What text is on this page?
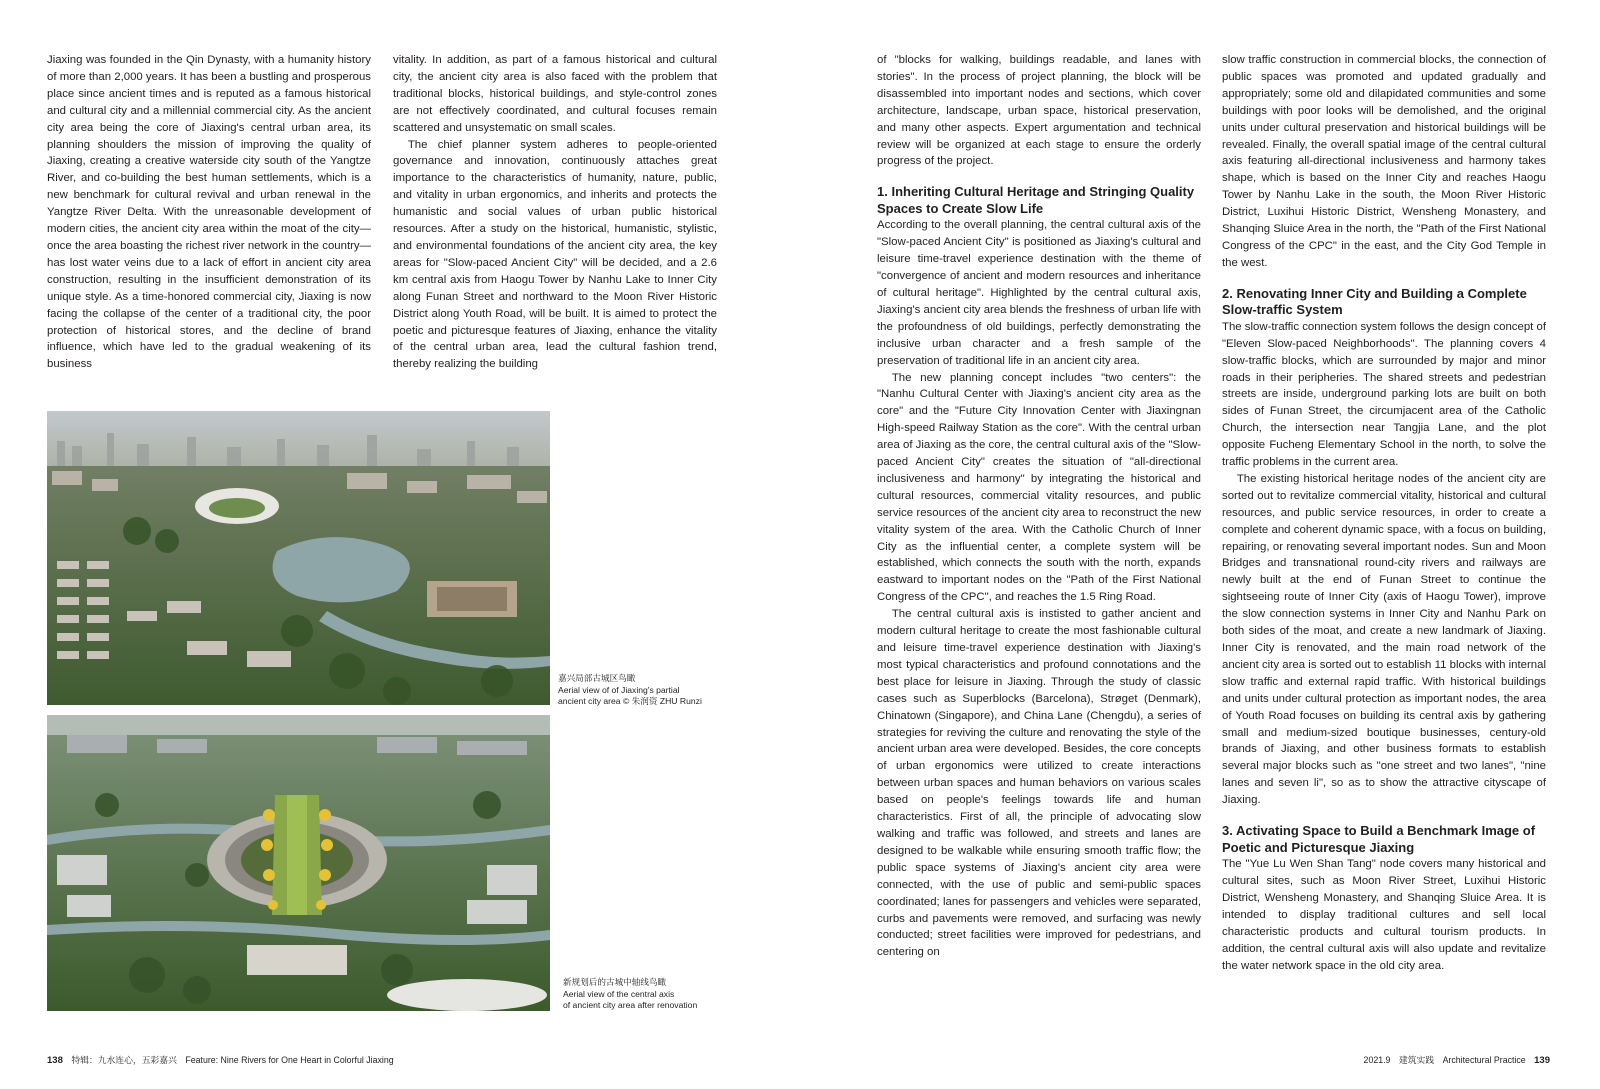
Jiaxing was founded in the Qin Dynasty, with a humanity history of more than 2,000 years. It has been a bustling and prosperous place since ancient times and is reputed as a famous historical and cultural city and a millennial commercial city. As the ancient city area being the core of Jiaxing's central urban area, its planning shoulders the mission of improving the quality of Jiaxing, creating a creative waterside city south of the Yangtze River, and co-building the best human settlements, which is a new benchmark for cultural revival and urban renewal in the Yangtze River Delta. With the unreasonable development of modern cities, the ancient city area within the moat of the city—once the area boasting the richest river network in the country—has lost water veins due to a lack of effort in ancient city area construction, resulting in the insufficient demonstration of its unique style. As a time-honored commercial city, Jiaxing is now facing the collapse of the center of a traditional city, the poor protection of historical stores, and the decline of brand influence, which have led to the gradual weakening of its business

vitality. In addition, as part of a famous historical and cultural city, the ancient city area is also faced with the problem that traditional blocks, historical buildings, and style-control zones are not effectively coordinated, and cultural focuses remain scattered and unsystematic on small scales.

The chief planner system adheres to people-oriented governance and innovation, continuously attaches great importance to the characteristics of humanity, nature, public, and vitality in urban ergonomics, and inherits and protects the humanistic and social values of urban public historical resources. After a study on the historical, humanistic, stylistic, and environmental foundations of the ancient city area, the key areas for "Slow-paced Ancient City" will be decided, and a 2.6 km central axis from Haogu Tower by Nanhu Lake to Inner City along Funan Street and northward to the Moon River Historic District along Youth Road, will be built. It is aimed to protect the poetic and picturesque features of Jiaxing, enhance the vitality of the central urban area, lead the cultural fashion trend, thereby realizing the building

of "blocks for walking, buildings readable, and lanes with stories". In the process of project planning, the block will be disassembled into important nodes and sections, which cover architecture, landscape, urban space, historical preservation, and many other aspects. Expert argumentation and technical review will be organized at each stage to ensure the orderly progress of the project.

1. Inheriting Cultural Heritage and Stringing Quality Spaces to Create Slow Life

According to the overall planning, the central cultural axis of the "Slow-paced Ancient City" is positioned as Jiaxing's cultural and leisure time-travel experience destination with the theme of "convergence of ancient and modern resources and inheritance of cultural heritage". Highlighted by the central cultural axis, Jiaxing's ancient city area blends the freshness of urban life with the profoundness of old buildings, perfectly demonstrating the inclusive urban character and a fresh sample of the preservation of traditional life in an ancient city area.

The new planning concept includes "two centers": the "Nanhu Cultural Center with Jiaxing's ancient city area as the core" and the "Future City Innovation Center with Jiaxingnan High-speed Railway Station as the core". With the central urban area of Jiaxing as the core, the central cultural axis of the "Slow-paced Ancient City" creates the situation of "all-directional inclusiveness and harmony" by integrating the historical and cultural resources, commercial vitality resources, and public service resources of the ancient city area to reconstruct the new vitality system of the area. With the Catholic Church of Inner City as the influential center, a complete system will be established, which connects the south with the north, expands eastward to important nodes on the "Path of the First National Congress of the CPC", and reaches the 1.5 Ring Road.

The central cultural axis is instisted to gather ancient and modern cultural heritage to create the most fashionable cultural and leisure time-travel experience destination with Jiaxing's most typical characteristics and profound connotations and the best place for leisure in Jiaxing. Through the study of classic cases such as Superblocks (Barcelona), Strøget (Denmark), Chinatown (Singapore), and China Lane (Chengdu), a series of strategies for reviving the culture and renovating the style of the ancient urban area were developed. Besides, the core concepts of urban ergonomics were utilized to create interactions between urban spaces and human behaviors on various scales based on people's feelings towards life and human characteristics. First of all, the principle of advocating slow walking and traffic was followed, and streets and lanes are designed to be walkable while ensuring smooth traffic flow; the public space systems of Jiaxing's ancient city area were connected, with the use of public and semi-public spaces coordinated; lanes for passengers and vehicles were separated, curbs and pavements were removed, and surfacing was newly conducted; street facilities were improved for pedestrians, and centering on

slow traffic construction in commercial blocks, the connection of public spaces was promoted and updated gradually and appropriately; some old and dilapidated communities and some buildings with poor looks will be demolished, and the original units under cultural preservation and historical buildings will be revealed. Finally, the overall spatial image of the central cultural axis featuring all-directional inclusiveness and harmony takes shape, which is based on the Inner City and reaches Haogu Tower by Nanhu Lake in the south, the Moon River Historic District, Luxihui Historic District, Wensheng Monastery, and Shanqing Sluice Area in the north, the "Path of the First National Congress of the CPC" in the east, and the City God Temple in the west.

2. Renovating Inner City and Building a Complete Slow-traffic System

The slow-traffic connection system follows the design concept of "Eleven Slow-paced Neighborhoods". The planning covers 4 slow-traffic blocks, which are surrounded by major and minor roads in their peripheries. The shared streets and pedestrian streets are inside, underground parking lots are built on both sides of Funan Street, the circumjacent area of the Catholic Church, the intersection near Tangjia Lane, and the plot opposite Fucheng Elementary School in the north, to solve the traffic problems in the current area.

The existing historical heritage nodes of the ancient city are sorted out to revitalize commercial vitality, historical and cultural resources, and public service resources, in order to create a complete and coherent dynamic space, with a focus on building, repairing, or renovating several important nodes. Sun and Moon Bridges and transnational round-city rivers and railways are newly built at the end of Funan Street to continue the sightseeing route of Inner City (axis of Haogu Tower), improve the slow connection systems in Inner City and Nanhu Park on both sides of the moat, and create a new landmark of Jiaxing. Inner City is renovated, and the main road network of the ancient city area is sorted out to establish 11 blocks with internal slow traffic and external rapid traffic. With historical buildings and units under cultural protection as important nodes, the area of Youth Road focuses on building its central axis by gathering small and medium-sized boutique businesses, century-old brands of Jiaxing, and other business formats to establish several major blocks such as "one street and two lanes", "nine lanes and seven li", so as to show the attractive cityscape of Jiaxing.

3. Activating Space to Build a Benchmark Image of Poetic and Picturesque Jiaxing

The "Yue Lu Wen Shan Tang" node covers many historical and cultural sites, such as Moon River Street, Luxihui Historic District, Wensheng Monastery, and Shanqing Sluice Area. It is intended to display traditional cultures and sell local characteristic products and cultural tourism products. In addition, the central cultural axis will also update and revitalize the water network space in the old city area.

嘉兴局部古城区鸟瞰
Aerial view of of Jiaxing's partial
ancient city area © 朱润资 ZHU Runzi
新规划后的古城中轴线鸟瞰
Aerial view of the central axis
of ancient city area after renovation
138 特辑：九水连心，五彩嘉兴 Feature: Nine Rivers for One Heart in Colorful Jiaxing	2021.9 建筑实践 Architectural Practice 139
